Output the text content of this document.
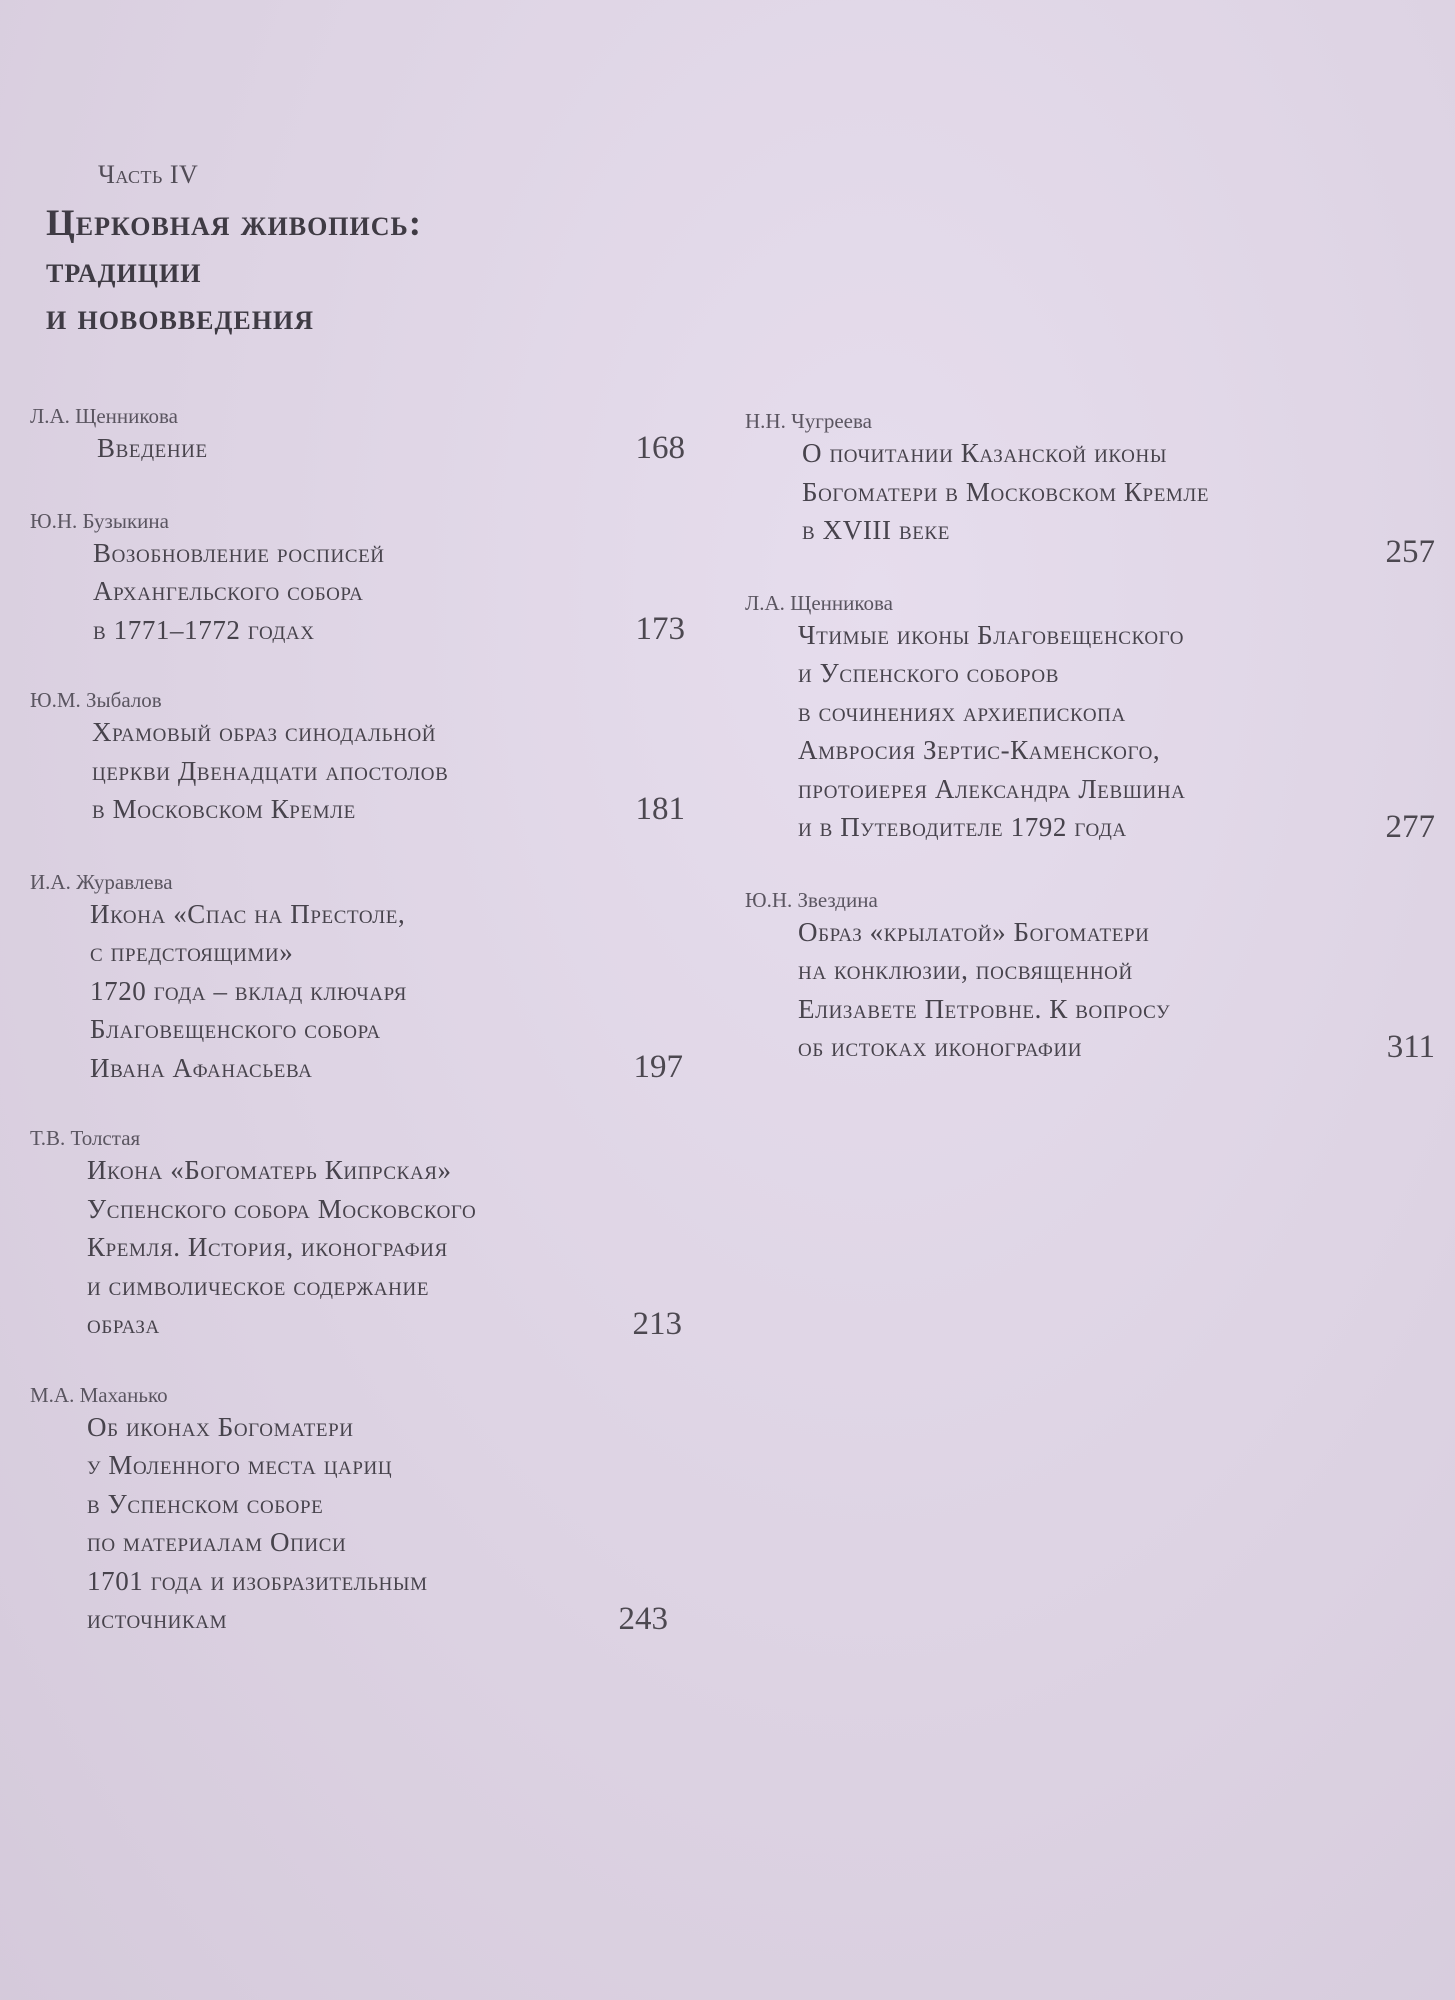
Часть IV
Церковная живопись:
традиции
и нововведения
Л.А. Щенникова
Введение	168
Ю.Н. Бузыкина
Возобновление росписей
Архангельского собора
в 1771–1772 годах	173
Ю.М. Зыбалов
Храмовый образ синодальной
церкви Двенадцати апостолов
в Московском Кремле	181
И.А. Журавлева
Икона «Спас на Престоле,
с предстоящими»
1720 года – вклад ключаря
Благовещенского собора
Ивана Афанасьева	197
Т.В. Толстая
Икона «Богоматерь Кипрская»
Успенского собора Московского
Кремля. История, иконография
и символическое содержание
образа	213
М.А. Маханько
Об иконах Богоматери
у Моленного места цариц
в Успенском соборе
по материалам Описи
1701 года и изобразительным
источникам	243
Н.Н. Чугреева
О почитании Казанской иконы
Богоматери в Московском Кремле
в XVIII веке
257
Л.А. Щенникова
Чтимые иконы Благовещенского
и Успенского соборов
в сочинениях архиепископа
Амвросия Зертис-Каменского,
протоиерея Александра Левшина
и в Путеводителе 1792 года	277
Ю.Н. Звездина
Образ «крылатой» Богоматери
на конклюзии, посвященной
Елизавете Петровне. К вопросу
об истоках иконографии	311
